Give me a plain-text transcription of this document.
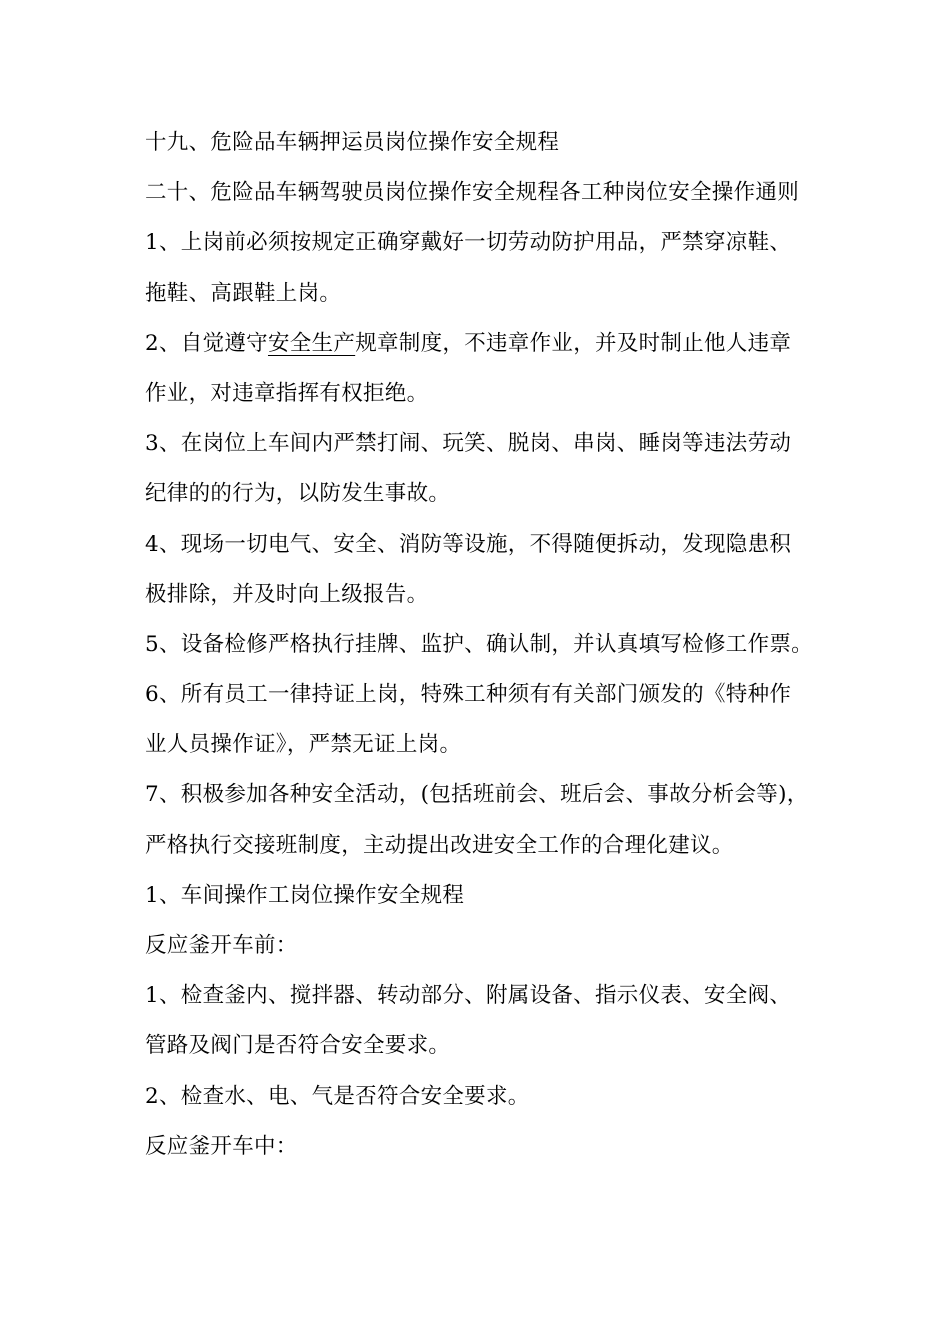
十九、危险品车辆押运员岗位操作安全规程
二十、危险品车辆驾驶员岗位操作安全规程各工种岗位安全操作通则
1、上岗前必须按规定正确穿戴好一切劳动防护用品，严禁穿凉鞋、
拖鞋、高跟鞋上岗。
2、自觉遵守安全生产规章制度，不违章作业，并及时制止他人违章
作业，对违章指挥有权拒绝。
3、在岗位上车间内严禁打闹、玩笑、脱岗、串岗、睡岗等违法劳动
纪律的的行为，以防发生事故。
4、现场一切电气、安全、消防等设施，不得随便拆动，发现隐患积
极排除，并及时向上级报告。
5、设备检修严格执行挂牌、监护、确认制，并认真填写检修工作票。
6、所有员工一律持证上岗，特殊工种须有有关部门颁发的《特种作
业人员操作证》，严禁无证上岗。
7、积极参加各种安全活动，(包括班前会、班后会、事故分析会等)，
严格执行交接班制度，主动提出改进安全工作的合理化建议。
1、车间操作工岗位操作安全规程
反应釜开车前：
1、检查釜内、搅拌器、转动部分、附属设备、指示仪表、安全阀、
管路及阀门是否符合安全要求。
2、检查水、电、气是否符合安全要求。
反应釜开车中：
